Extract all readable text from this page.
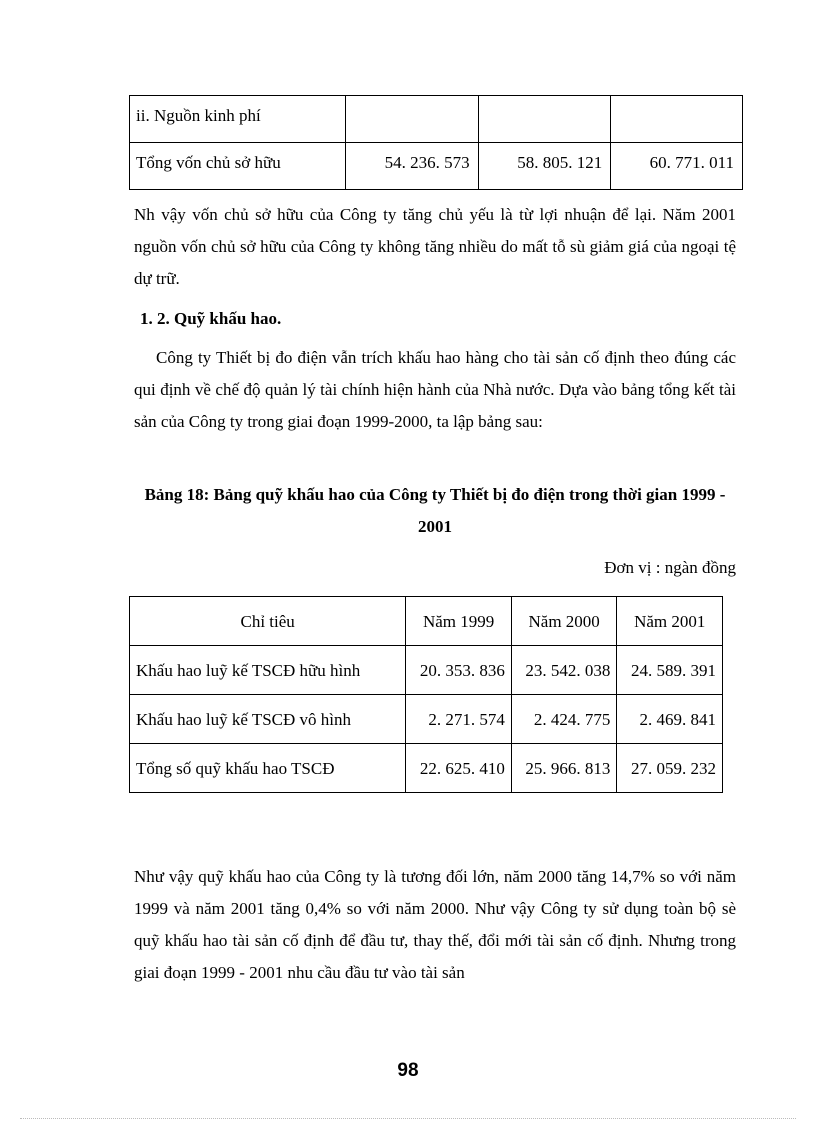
ii. Nguồn kinh phí			
Tổng vốn chủ sở hữu	54. 236. 573	58. 805. 121	60. 771. 011
Nh vậy vốn chủ sở hữu của Công ty tăng chủ yếu là từ lợi nhuận để lại. Năm 2001 nguồn vốn chủ sở hữu của Công ty không tăng nhiều do mất tỗ sù giảm giá của ngoại tệ dự trữ.
1. 2. Quỹ khấu hao.
Công ty Thiết bị đo điện vẫn trích khấu hao hàng cho tài sản cố định theo đúng các qui định về chế độ quản lý tài chính hiện hành của Nhà nước. Dựa vào bảng tổng kết tài sản của Công ty trong giai đoạn 1999-2000, ta lập bảng sau:
Bảng 18: Bảng quỹ khấu hao của Công ty Thiết bị đo điện trong thời gian 1999 - 2001
Đơn vị : ngàn đồng
Chỉ tiêu	Năm 1999	Năm 2000	Năm 2001
Khấu hao luỹ kế TSCĐ hữu hình	20. 353. 836	23. 542. 038	24. 589. 391
Khấu hao luỹ kế TSCĐ vô hình	2. 271. 574	2. 424. 775	2. 469. 841
Tổng số quỹ khấu hao TSCĐ	22. 625. 410	25. 966. 813	27. 059. 232
Như vậy quỹ khấu hao của Công ty là tương đối lớn, năm 2000 tăng 14,7% so với năm 1999 và năm 2001 tăng 0,4% so với năm 2000. Như vậy Công ty sử dụng toàn bộ sè quỹ khấu hao tài sản cố định để đầu tư, thay thế, đổi mới tài sản cố định. Nhưng trong giai đoạn 1999 - 2001 nhu cầu đầu tư vào tài sản
98
